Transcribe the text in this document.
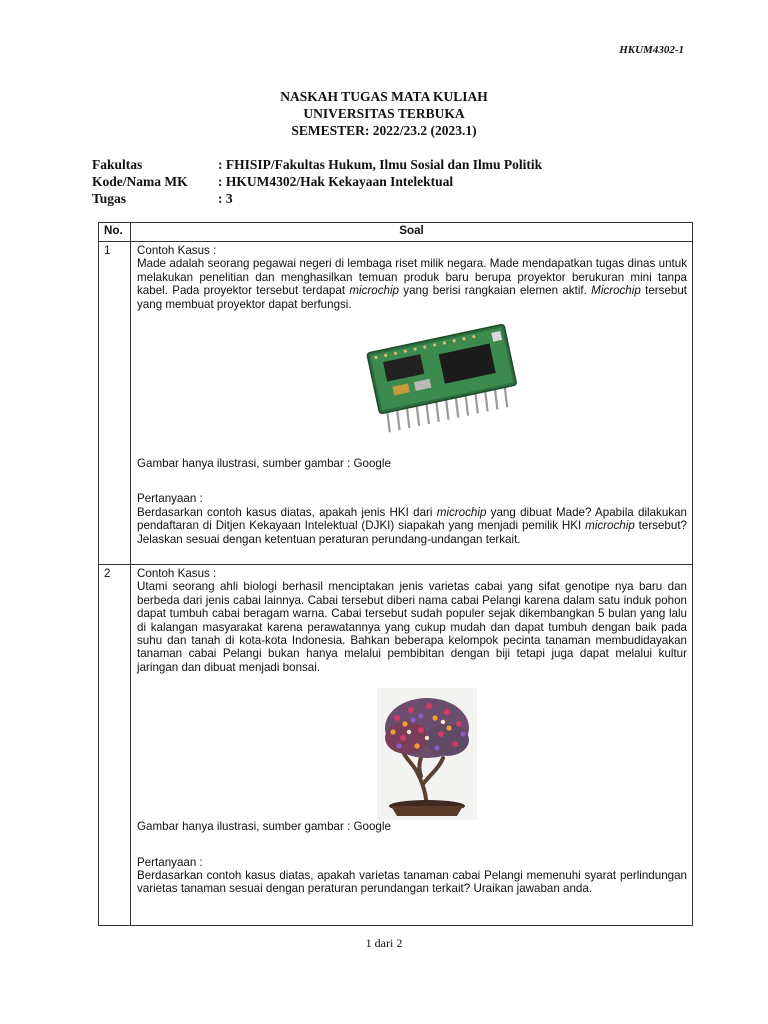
HKUM4302-1
NASKAH TUGAS MATA KULIAH
UNIVERSITAS TERBUKA
SEMESTER: 2022/23.2 (2023.1)
Fakultas	: FHISIP/Fakultas Hukum, Ilmu Sosial dan Ilmu Politik
Kode/Nama MK	: HKUM4302/Hak Kekayaan Intelektual
Tugas	: 3
No.	Soal
1	Contoh Kasus :
Made adalah seorang pegawai negeri di lembaga riset milik negara. Made mendapatkan tugas dinas untuk melakukan penelitian dan menghasilkan temuan produk baru berupa proyektor berukuran mini tanpa kabel. Pada proyektor tersebut terdapat microchip yang berisi rangkaian elemen aktif. Microchip tersebut yang membuat proyektor dapat berfungsi.
Gambar hanya ilustrasi, sumber gambar : Google
Pertanyaan :
Berdasarkan contoh kasus diatas, apakah jenis HKI dari microchip yang dibuat Made? Apabila dilakukan pendaftaran di Ditjen Kekayaan Intelektual (DJKI) siapakah yang menjadi pemilik HKI microchip tersebut? Jelaskan sesuai dengan ketentuan peraturan perundang-undangan terkait.

2	Contoh Kasus :
Utami seorang ahli biologi berhasil menciptakan jenis varietas cabai yang sifat genotipe nya baru dan berbeda dari jenis cabai lainnya. Cabai tersebut diberi nama cabai Pelangi karena dalam satu induk pohon dapat tumbuh cabai beragam warna. Cabai tersebut sudah populer sejak dikembangkan 5 bulan yang lalu di kalangan masyarakat karena perawatannya yang cukup mudah dan dapat tumbuh dengan baik pada suhu dan tanah di kota-kota Indonesia. Bahkan beberapa kelompok pecinta tanaman membudidayakan tanaman cabai Pelangi bukan hanya melalui pembibitan dengan biji tetapi juga dapat melalui kultur jaringan dan dibuat menjadi bonsai.
Gambar hanya ilustrasi, sumber gambar : Google
Pertanyaan :
Berdasarkan contoh kasus diatas, apakah varietas tanaman cabai Pelangi memenuhi syarat perlindungan varietas tanaman sesuai dengan peraturan perundangan terkait? Uraikan jawaban anda.
1 dari 2
